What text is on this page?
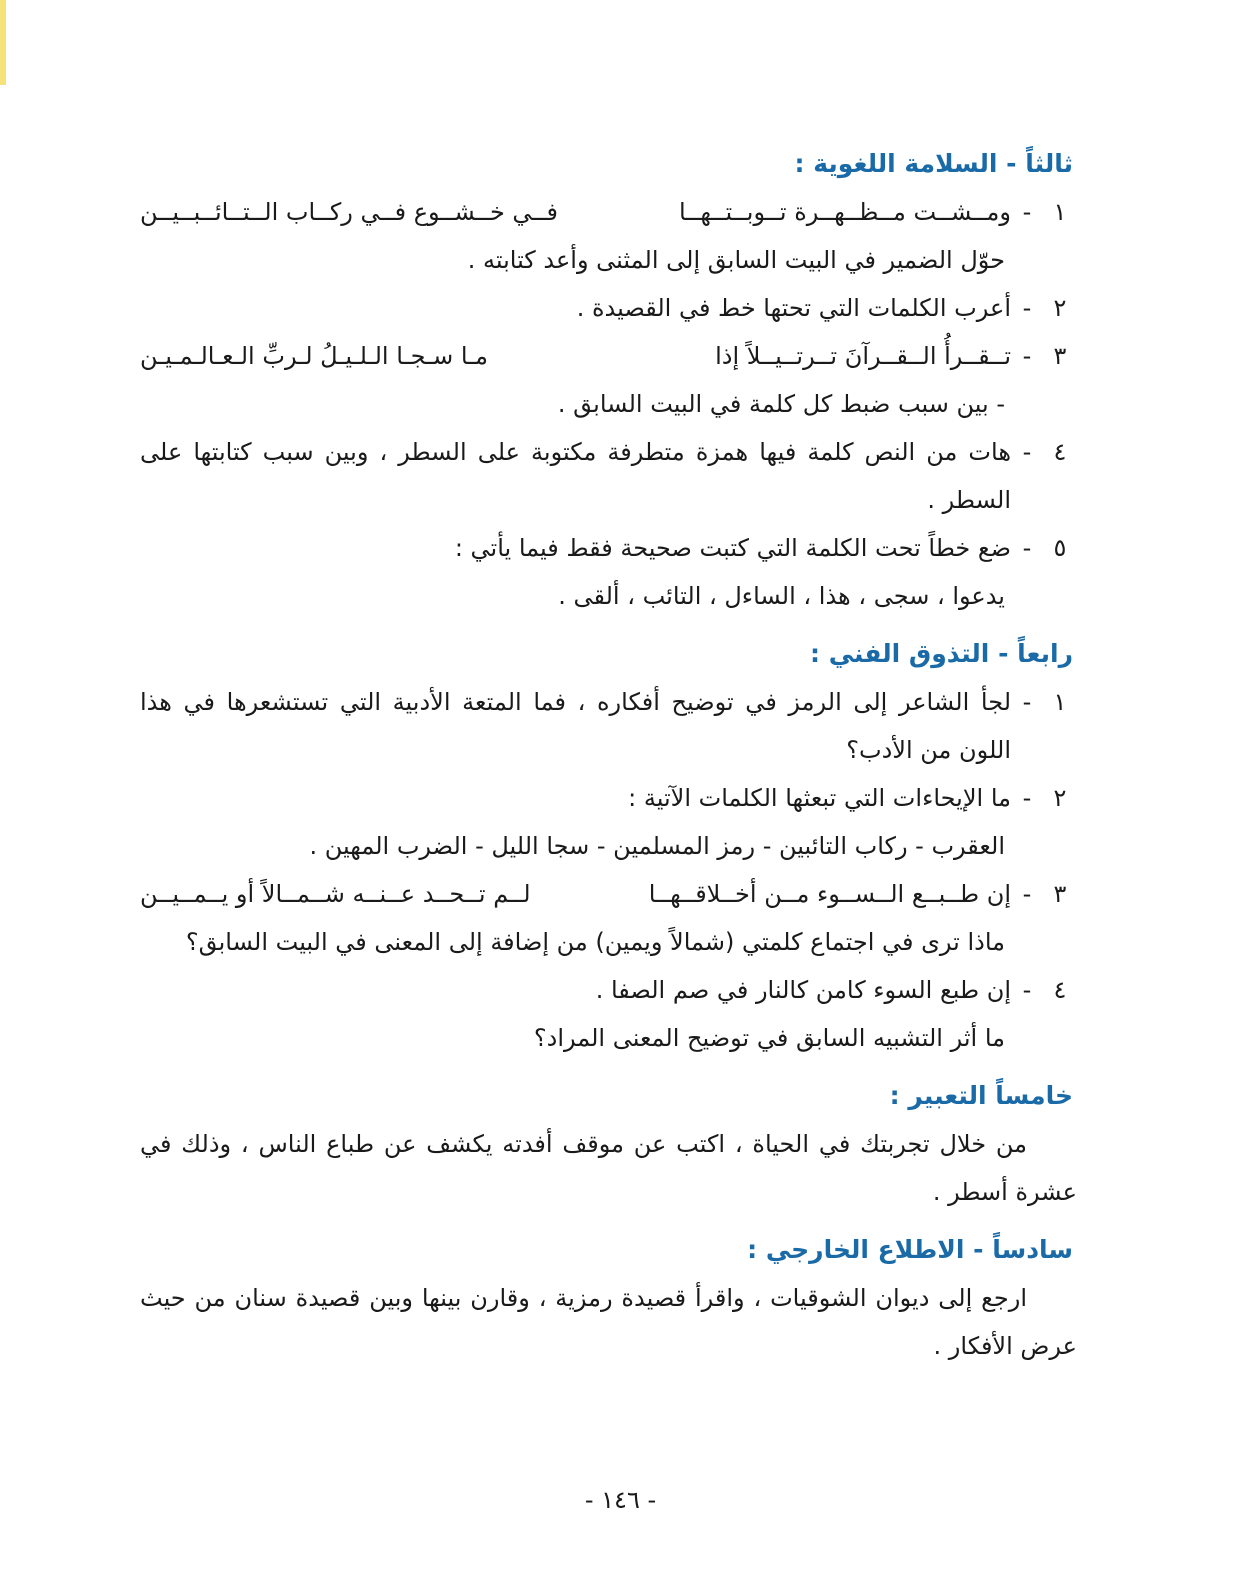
ثالثاً - السلامة اللغوية :
١
-
ومــشــت مــظــهــرة تــوبــتــهــا
فــي خــشــوع فــي ركــاب الــتــائــبــيــن
حوّل الضمير في البيت السابق إلى المثنى وأعد كتابته .
٢
-
أعرب الكلمات التي تحتها خط في القصيدة .
٣
-
تــقــرأُ الــقــرآنَ تــرتــيــلاً إذا
مـا سـجـا الـلـيـلُ لـربِّ الـعـالـمـيـن
- بين سبب ضبط كل كلمة في البيت السابق .
٤
-
هات من النص كلمة فيها همزة متطرفة مكتوبة على السطر ، وبين سبب كتابتها على السطر .
٥
-
ضع خطاً تحت الكلمة التي كتبت صحيحة فقط فيما يأتي :
يدعوا ، سجى ، هذا ، الساءل ، التائب ، ألقى .
رابعاً - التذوق الفني :
١
-
لجأ الشاعر إلى الرمز في توضيح أفكاره ، فما المتعة الأدبية التي تستشعرها في هذا اللون من الأدب؟
٢
-
ما الإيحاءات التي تبعثها الكلمات الآتية :
العقرب - ركاب التائبين - رمز المسلمين - سجا الليل - الضرب المهين .
٣
-
إن طــبــع الــســوء مــن أخــلاقــهــا
لــم تــحــد عــنــه شــمــالاً أو يــمــيــن
ماذا ترى في اجتماع كلمتي (شمالاً ويمين) من إضافة إلى المعنى في البيت السابق؟
٤
-
إن طبع السوء كامن كالنار في صم الصفا .
ما أثر التشبيه السابق في توضيح المعنى المراد؟
خامساً التعبير :
من خلال تجربتك في الحياة ، اكتب عن موقف أفدته يكشف عن طباع الناس ، وذلك في عشرة أسطر .
سادساً - الاطلاع الخارجي :
ارجع إلى ديوان الشوقيات ، واقرأ قصيدة رمزية ، وقارن بينها وبين قصيدة سنان من حيث عرض الأفكار .
- ١٤٦ -
